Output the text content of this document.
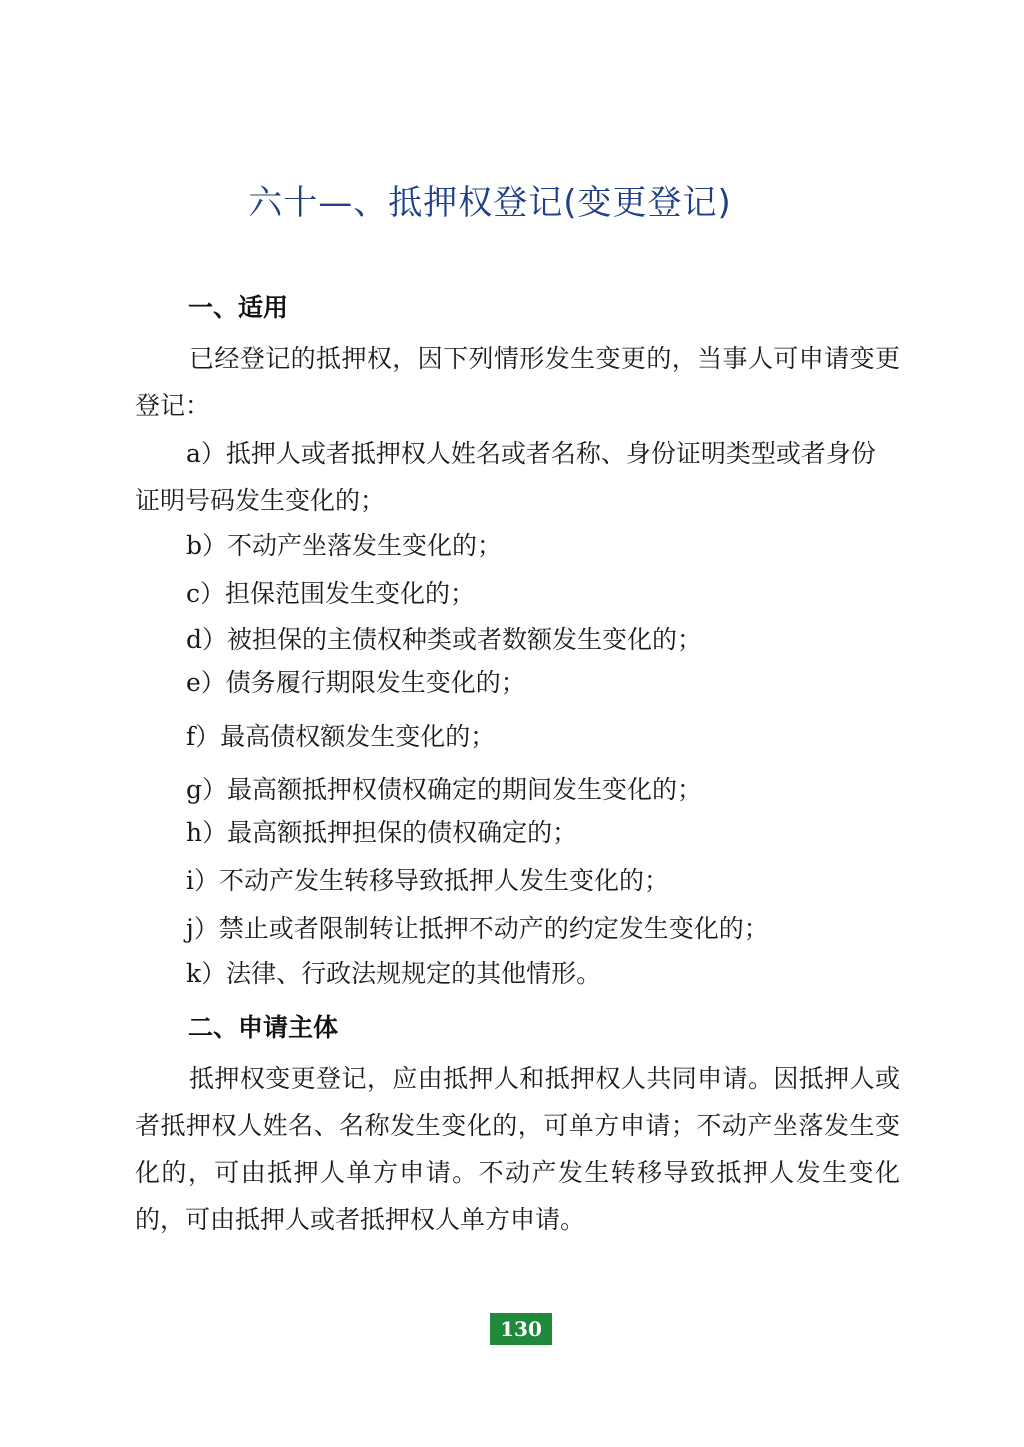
六十—、抵押权登记(变更登记)
一、适用
已经登记的抵押权，因下列情形发生变更的，当事人可申请变更登记：
a）抵押人或者抵押权人姓名或者名称、身份证明类型或者身份证明号码发生变化的；
b）不动产坐落发生变化的；
c）担保范围发生变化的；
d）被担保的主债权种类或者数额发生变化的；
e）债务履行期限发生变化的；
f）最高债权额发生变化的；
g）最高额抵押权债权确定的期间发生变化的；
h）最高额抵押担保的债权确定的；
i）不动产发生转移导致抵押人发生变化的；
j）禁止或者限制转让抵押不动产的约定发生变化的；
k）法律、行政法规规定的其他情形。
二、申请主体
抵押权变更登记，应由抵押人和抵押权人共同申请。因抵押人或者抵押权人姓名、名称发生变化的，可单方申请；不动产坐落发生变化的，可由抵押人单方申请。不动产发生转移导致抵押人发生变化的，可由抵押人或者抵押权人单方申请。
130
